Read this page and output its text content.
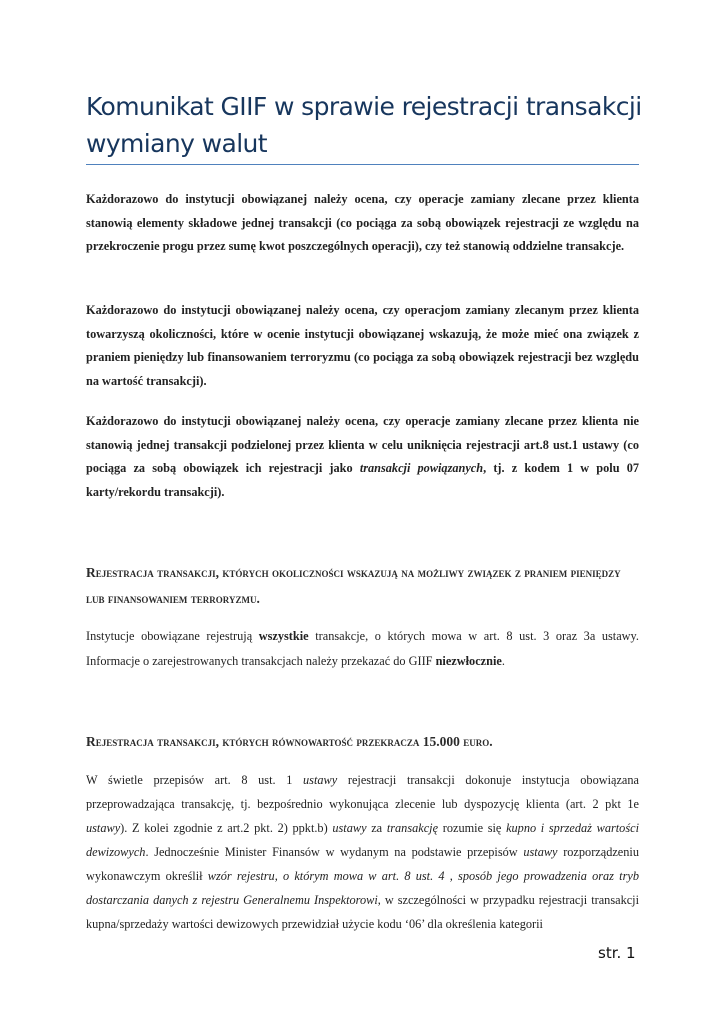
Komunikat GIIF w sprawie rejestracji transakcji wymiany walut

Każdorazowo do instytucji obowiązanej należy ocena, czy operacje zamiany zlecane przez klienta stanowią elementy składowe jednej transakcji (co pociąga za sobą obowiązek rejestracji ze względu na przekroczenie progu przez sumę kwot poszczególnych operacji), czy też stanowią oddzielne transakcje.

Każdorazowo do instytucji obowiązanej należy ocena, czy operacjom zamiany zlecanym przez klienta towarzyszą okoliczności, które w ocenie instytucji obowiązanej wskazują, że może mieć ona związek z praniem pieniędzy lub finansowaniem terroryzmu (co pociąga za sobą obowiązek rejestracji bez względu na wartość transakcji).

Każdorazowo do instytucji obowiązanej należy ocena, czy operacje zamiany zlecane przez klienta nie stanowią jednej transakcji podzielonej przez klienta w celu uniknięcia rejestracji art.8 ust.1 ustawy (co pociąga za sobą obowiązek ich rejestracji jako transakcji powiązanych, tj. z kodem 1 w polu 07 karty/rekordu transakcji).

Rejestracja transakcji, których okoliczności wskazują na możliwy związek z praniem pieniędzy lub finansowaniem terroryzmu.

Instytucje obowiązane rejestrują wszystkie transakcje, o których mowa w art. 8 ust. 3 oraz 3a ustawy. Informacje o zarejestrowanych transakcjach należy przekazać do GIIF niezwłocznie.

Rejestracja transakcji, których równowartość przekracza 15.000 euro.

W świetle przepisów art. 8 ust. 1 ustawy rejestracji transakcji dokonuje instytucja obowiązana przeprowadzająca transakcję, tj. bezpośrednio wykonująca zlecenie lub dyspozycję klienta (art. 2 pkt 1e ustawy). Z kolei zgodnie z art.2 pkt. 2) ppkt.b) ustawy za transakcję rozumie się kupno i sprzedaż wartości dewizowych. Jednocześnie Minister Finansów w wydanym na podstawie przepisów ustawy rozporządzeniu wykonawczym określił wzór rejestru, o którym mowa w art. 8 ust. 4 , sposób jego prowadzenia oraz tryb dostarczania danych z rejestru Generalnemu Inspektorowi, w szczególności w przypadku rejestracji transakcji kupna/sprzedaży wartości dewizowych przewidział użycie kodu ‘06’ dla określenia kategorii

str. 1
